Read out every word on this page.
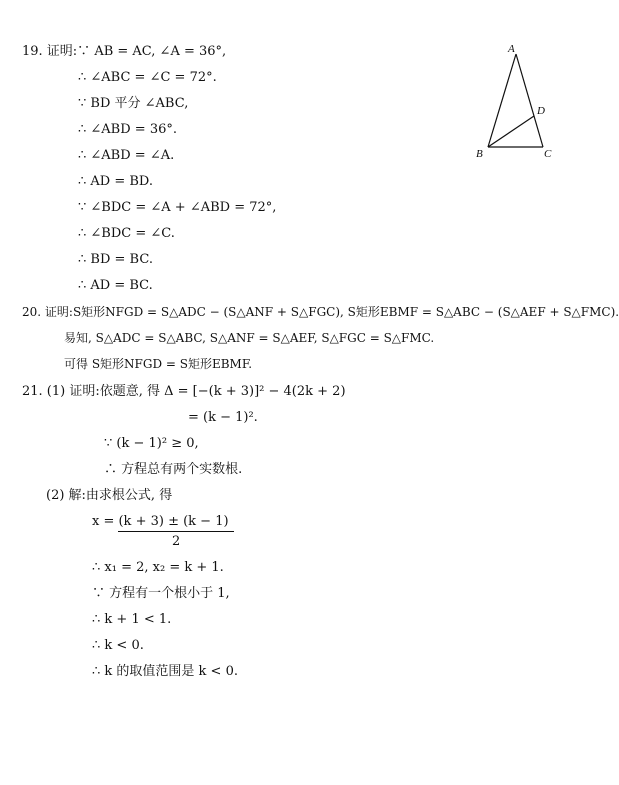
19. 证明:∵ AB = AC, ∠A = 36°,
∴ ∠ABC = ∠C = 72°.
∵ BD 平分 ∠ABC,
∴ ∠ABD = 36°.
∴ ∠ABD = ∠A.
∴ AD = BD.
∵ ∠BDC = ∠A + ∠ABD = 72°,
∴ ∠BDC = ∠C.
∴ BD = BC.
∴ AD = BC.
A
B	C
D
20. 证明:S矩形NFGD = S△ADC − (S△ANF + S△FGC), S矩形EBMF = S△ABC − (S△AEF + S△FMC).
易知, S△ADC = S△ABC, S△ANF = S△AEF, S△FGC = S△FMC.
可得 S矩形NFGD = S矩形EBMF.
21. (1) 证明:依题意, 得 Δ = [−(k + 3)]² − 4(2k + 2)
= (k − 1)².
∵ (k − 1)² ≥ 0,
∴ 方程总有两个实数根.
(2) 解:由求根公式, 得
x = (k + 3) ± (k − 1)
2
∴ x₁ = 2, x₂ = k + 1.
∵ 方程有一个根小于 1,
∴ k + 1 < 1.
∴ k < 0.
∴ k 的取值范围是 k < 0.
